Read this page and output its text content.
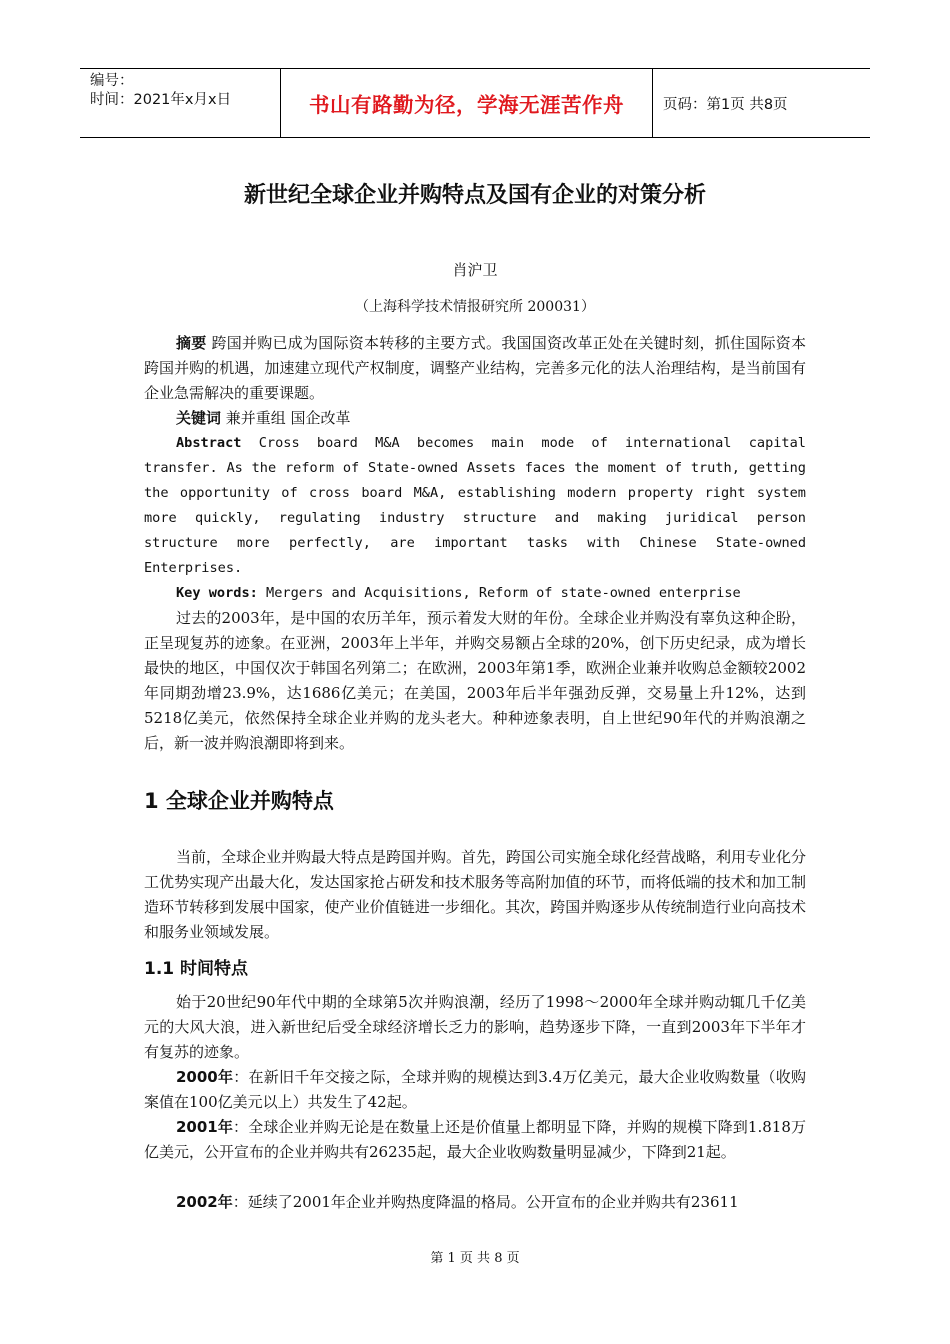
编号：
时间：2021年x月x日	书山有路勤为径，学海无涯苦作舟	页码：第1页 共8页
新世纪全球企业并购特点及国有企业的对策分析
肖沪卫
（上海科学技术情报研究所 200031）
摘要 跨国并购已成为国际资本转移的主要方式。我国国资改革正处在关键时刻，抓住国际资本跨国并购的机遇，加速建立现代产权制度，调整产业结构，完善多元化的法人治理结构，是当前国有企业急需解决的重要课题。
关键词 兼并重组 国企改革
Abstract Cross board M&A becomes main mode of international capital transfer. As the reform of State-owned Assets faces the moment of truth, getting the opportunity of cross board M&A, establishing modern property right system more quickly, regulating industry structure and making juridical person structure more perfectly, are important tasks with Chinese State-owned Enterprises.
Key words: Mergers and Acquisitions, Reform of state-owned enterprise
过去的2003年，是中国的农历羊年，预示着发大财的年份。全球企业并购没有辜负这种企盼，正呈现复苏的迹象。在亚洲，2003年上半年，并购交易额占全球的20%，创下历史纪录，成为增长最快的地区，中国仅次于韩国名列第二；在欧洲，2003年第1季，欧洲企业兼并收购总金额较2002年同期劲增23.9%，达1686亿美元；在美国，2003年后半年强劲反弹，交易量上升12%，达到5218亿美元，依然保持全球企业并购的龙头老大。种种迹象表明，自上世纪90年代的并购浪潮之后，新一波并购浪潮即将到来。
1 全球企业并购特点
当前，全球企业并购最大特点是跨国并购。首先，跨国公司实施全球化经营战略，利用专业化分工优势实现产出最大化，发达国家抢占研发和技术服务等高附加值的环节，而将低端的技术和加工制造环节转移到发展中国家，使产业价值链进一步细化。其次，跨国并购逐步从传统制造行业向高技术和服务业领域发展。
1.1 时间特点
始于20世纪90年代中期的全球第5次并购浪潮，经历了1998～2000年全球并购动辄几千亿美元的大风大浪，进入新世纪后受全球经济增长乏力的影响，趋势逐步下降，一直到2003年下半年才有复苏的迹象。
2000年：在新旧千年交接之际，全球并购的规模达到3.4万亿美元，最大企业收购数量（收购案值在100亿美元以上）共发生了42起。
2001年：全球企业并购无论是在数量上还是价值量上都明显下降，并购的规模下降到1.818万亿美元，公开宣布的企业并购共有26235起，最大企业收购数量明显减少，下降到21起。
2002年：延续了2001年企业并购热度降温的格局。公开宣布的企业并购共有23611
第 1 页 共 8 页
